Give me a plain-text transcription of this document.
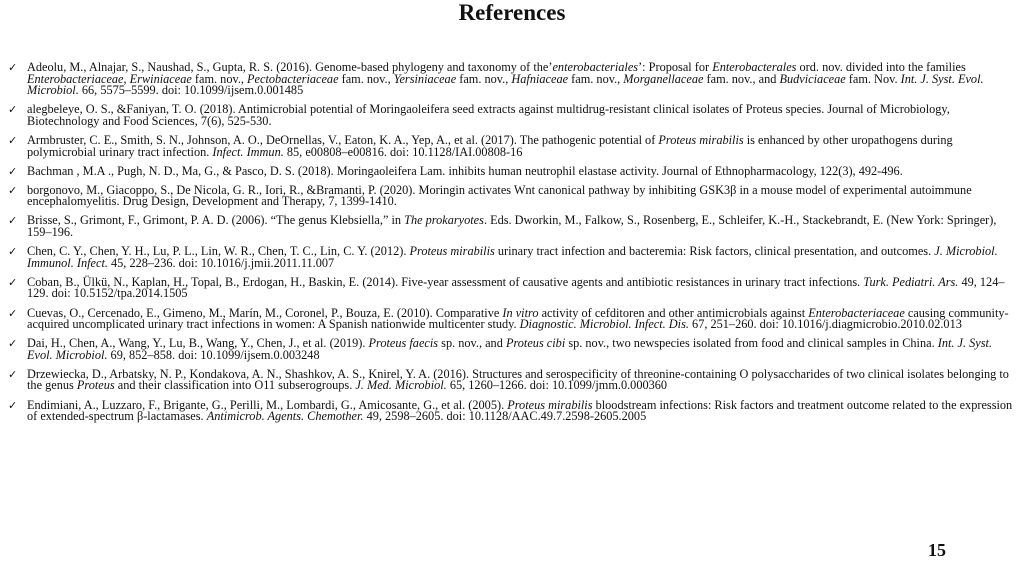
References
✓ Adeolu, M., Alnajar, S., Naushad, S., Gupta, R. S. (2016). Genome-based phylogeny and taxonomy of the’enterobacteriales’: Proposal for Enterobacterales ord. nov. divided into the families Enterobacteriaceae, Erwiniaceae fam. nov., Pectobacteriaceae fam. nov., Yersiniaceae fam. nov., Hafniaceae fam. nov., Morganellaceae fam. nov., and Budviciaceae fam. Nov. Int. J. Syst. Evol. Microbiol. 66, 5575–5599. doi: 10.1099/ijsem.0.001485
✓ alegbeleye, O. S., &Faniyan, T. O. (2018). Antimicrobial potential of Moringaoleifera seed extracts against multidrug-resistant clinical isolates of Proteus species. Journal of Microbiology, Biotechnology and Food Sciences, 7(6), 525-530.
✓ Armbruster, C. E., Smith, S. N., Johnson, A. O., DeOrnellas, V., Eaton, K. A., Yep, A., et al. (2017). The pathogenic potential of Proteus mirabilis is enhanced by other uropathogens during polymicrobial urinary tract infection. Infect. Immun. 85, e00808–e00816. doi: 10.1128/IAI.00808-16
✓ Bachman , M.A ., Pugh, N. D., Ma, G., & Pasco, D. S. (2018). Moringaoleifera Lam. inhibits human neutrophil elastase activity. Journal of Ethnopharmacology, 122(3), 492-496.
✓ borgonovo, M., Giacoppo, S., De Nicola, G. R., Iori, R., &Bramanti, P. (2020). Moringin activates Wnt canonical pathway by inhibiting GSK3β in a mouse model of experimental autoimmune encephalomyelitis. Drug Design, Development and Therapy, 7, 1399-1410.
✓ Brisse, S., Grimont, F., Grimont, P. A. D. (2006). “The genus Klebsiella,” in The prokaryotes. Eds. Dworkin, M., Falkow, S., Rosenberg, E., Schleifer, K.-H., Stackebrandt, E. (New York: Springer), 159–196.
✓ Chen, C. Y., Chen, Y. H., Lu, P. L., Lin, W. R., Chen, T. C., Lin, C. Y. (2012). Proteus mirabilis urinary tract infection and bacteremia: Risk factors, clinical presentation, and outcomes. J. Microbiol. Immunol. Infect. 45, 228–236. doi: 10.1016/j.jmii.2011.11.007
✓ Coban, B., Ülkü, N., Kaplan, H., Topal, B., Erdogan, H., Baskin, E. (2014). Five-year assessment of causative agents and antibiotic resistances in urinary tract infections. Turk. Pediatri. Ars. 49, 124–129. doi: 10.5152/tpa.2014.1505
✓ Cuevas, O., Cercenado, E., Gimeno, M., Marín, M., Coronel, P., Bouza, E. (2010). Comparative In vitro activity of cefditoren and other antimicrobials against Enterobacteriaceae causing community-acquired uncomplicated urinary tract infections in women: A Spanish nationwide multicenter study. Diagnostic. Microbiol. Infect. Dis. 67, 251–260. doi: 10.1016/j.diagmicrobio.2010.02.013
✓ Dai, H., Chen, A., Wang, Y., Lu, B., Wang, Y., Chen, J., et al. (2019). Proteus faecis sp. nov., and Proteus cibi sp. nov., two newspecies isolated from food and clinical samples in China. Int. J. Syst. Evol. Microbiol. 69, 852–858. doi: 10.1099/ijsem.0.003248
✓ Drzewiecka, D., Arbatsky, N. P., Kondakova, A. N., Shashkov, A. S., Knirel, Y. A. (2016). Structures and serospecificity of threonine-containing O polysaccharides of two clinical isolates belonging to the genus Proteus and their classification into O11 subserogroups. J. Med. Microbiol. 65, 1260–1266. doi: 10.1099/jmm.0.000360
✓ Endimiani, A., Luzzaro, F., Brigante, G., Perilli, M., Lombardi, G., Amicosante, G., et al. (2005). Proteus mirabilis bloodstream infections: Risk factors and treatment outcome related to the expression of extended-spectrum β-lactamases. Antimicrob. Agents. Chemother. 49, 2598–2605. doi: 10.1128/AAC.49.7.2598-2605.2005
15
